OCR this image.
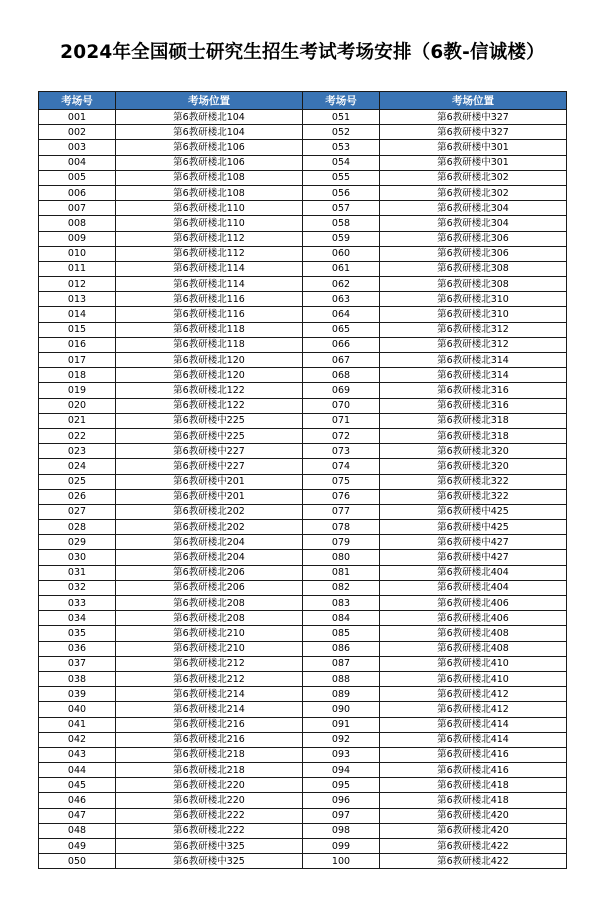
2024年全国硕士研究生招生考试考场安排（6教-信诚楼）
考场号	考场位置	考场号	考场位置
001	第6教研楼北104	051	第6教研楼中327
002	第6教研楼北104	052	第6教研楼中327
003	第6教研楼北106	053	第6教研楼中301
004	第6教研楼北106	054	第6教研楼中301
005	第6教研楼北108	055	第6教研楼北302
006	第6教研楼北108	056	第6教研楼北302
007	第6教研楼北110	057	第6教研楼北304
008	第6教研楼北110	058	第6教研楼北304
009	第6教研楼北112	059	第6教研楼北306
010	第6教研楼北112	060	第6教研楼北306
011	第6教研楼北114	061	第6教研楼北308
012	第6教研楼北114	062	第6教研楼北308
013	第6教研楼北116	063	第6教研楼北310
014	第6教研楼北116	064	第6教研楼北310
015	第6教研楼北118	065	第6教研楼北312
016	第6教研楼北118	066	第6教研楼北312
017	第6教研楼北120	067	第6教研楼北314
018	第6教研楼北120	068	第6教研楼北314
019	第6教研楼北122	069	第6教研楼北316
020	第6教研楼北122	070	第6教研楼北316
021	第6教研楼中225	071	第6教研楼北318
022	第6教研楼中225	072	第6教研楼北318
023	第6教研楼中227	073	第6教研楼北320
024	第6教研楼中227	074	第6教研楼北320
025	第6教研楼中201	075	第6教研楼北322
026	第6教研楼中201	076	第6教研楼北322
027	第6教研楼北202	077	第6教研楼中425
028	第6教研楼北202	078	第6教研楼中425
029	第6教研楼北204	079	第6教研楼中427
030	第6教研楼北204	080	第6教研楼中427
031	第6教研楼北206	081	第6教研楼北404
032	第6教研楼北206	082	第6教研楼北404
033	第6教研楼北208	083	第6教研楼北406
034	第6教研楼北208	084	第6教研楼北406
035	第6教研楼北210	085	第6教研楼北408
036	第6教研楼北210	086	第6教研楼北408
037	第6教研楼北212	087	第6教研楼北410
038	第6教研楼北212	088	第6教研楼北410
039	第6教研楼北214	089	第6教研楼北412
040	第6教研楼北214	090	第6教研楼北412
041	第6教研楼北216	091	第6教研楼北414
042	第6教研楼北216	092	第6教研楼北414
043	第6教研楼北218	093	第6教研楼北416
044	第6教研楼北218	094	第6教研楼北416
045	第6教研楼北220	095	第6教研楼北418
046	第6教研楼北220	096	第6教研楼北418
047	第6教研楼北222	097	第6教研楼北420
048	第6教研楼北222	098	第6教研楼北420
049	第6教研楼中325	099	第6教研楼北422
050	第6教研楼中325	100	第6教研楼北422
